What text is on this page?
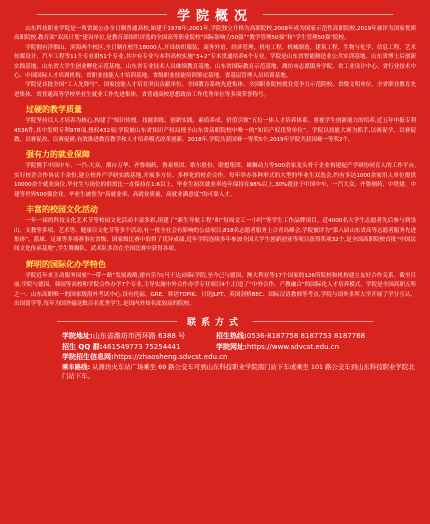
学院概况

山东科技职业学院是一所省属公办全日制普通高校,始建于1978年;2001年,学院独立升格为高职院校,2008年成为国家示范性高职院校,2019年被评为国家优质高职院校,教育部“双高计划”建设单位,是教育部组织评选的全国高等职业院校“国际影响力50强”“教学管理50强”和“学生管理50强”院校。

学院拥有浮烟山、滨海两个校区,全日制在校生18000人,开设纺织服装、商务外语、经济管理、机电工程、机械制造、建筑工程、生物与化学、信息工程、艺术传媒设计、汽车工程等11个专业群51个专业,其中有专业与本科高校实施“3+2”专本贯通培养6个专业。学院是山东省智能制造业公共实训基地、山东省博士后创新实践基地、山东省大学生创业孵化示范基地、山东省专业技术人员继续教育基地、山东省国际教育示范基地、潍坊市志愿服务学院、省工业设计中心、省行业技术中心、中国国际人才培训机构、省职业技能人才培训基地、省级职业技能培训鉴定基地、省基层管理人员培训基地。

学院是首批全国“工人先锋号”、国家技能人才培育突出贡献单位、全国教育系统先进集体、全国职业院校就业竞争力示范院校、省级文明单位、全省职业教育先进集体、省普通高等学校毕业生就业工作先进集体、省普通高校思想政治工作优秀单位等多项荣誉称号。

过硬的教学质量

学院坚持以人才培养为核心,构建了“知识传授、技能训练、创新实践、素质养成、价值引领”五位一体人才培养体系。重视学生创新能力的培养,近五年申报专利4536件,其中发明专利978项,授权432项;学院被山东省知识产权局授予山东省高职院校中唯一的“知识产权优势单位”。学院以技能大赛为抓手,以赛促学、以赛促教、以赛促改、以赛促研,有效推进教育教学和人才培养模式改革创新。2018年,学院共获国赛一等奖5个,2019年学院共获国赛一等奖2个。

强有力的就业保障

学院携手中国中车、一汽-大众、烟台万华、齐鲁制药、鲁泰集团、歌尔股份、联想集团、雄狮动力等500余家龙头骨干企业构建起产学研协同育人的工作平台,实行校企合作协议千余份,建立校外产学研实践基地,开展多方位、多样化的校企合作。每年举办各种形式的大型的毕业生双选会,约有多达1000余家用人单位提供10000余个就业岗位,毕业生与岗位的供需比一直保持在1:6以上。毕业生初次就业率连年保持在98%以上,30%就业于中国中车、一汽大众、齐鲁制药、中铁建、中建等世界500强企业。毕业生被誉为“高就业率、高就业质量、高就业满意度”的可靠人才。

丰富的校园文化活动

一年一届的科技文化艺术节等校园文化活动丰富多彩,组建了“新生导航工程”和“每周文工一小时”等学生工作品牌项目。近4000名大学生志愿者先后参与到垦山、支教等多项、艺术等、健康日文化节等多个活动,有一批全社会有影响的公益项目,818名志愿者服务上合青岛峰会,学院被评为“第八届山东省高等志愿者服务先进集体”。篮球、足球等多项赛事在省级、国家级比赛中取得了优异成绩,近年学院连续多年参加全国大学生创新创业等项目获得奖项32个,是全国高职院校首批“中国民间文化传承基地”,学生舞狮队、武术队多次在全国比赛中获得各项。

鲜明的国际化办学特色

学院近年来主动服务国家“一带一路”发展战略,建有乐尔(马干达)国际学院,至今已与德国、澳大利亚等17个国家的126所院校和机构建立友好合作关系。截至目前,学院与德国、韩国等高校和学院合作办学7个专业,主导实施中外合作办学专业项目4个,打造了“中外合作、产教融合”的国际化人才培养模式。学院是全国高职五所之一、山东高职唯一的国家级海外考试中心,设有托福、GRE、韩语TOPIK、日语JLPT、英国剑桥BEC、国际汉语教师等考点,学院与国外多所大学开展了学分互认、出国留学等,每年为国外输送数百名优秀学生,是国内外知名度较高的院校。

联系方式
学院地址: 山东省潍坊市西环路 6388 号	招生热线: 0536-8187758 8187753 8187768
招生 QQ 群: 461549773 75254441	学院网址: https://www.sdvcst.edu.cn
学院招生信息网: https://zhaosheng.sdvcst.edu.cn
乘车路线: 从潍坊火车站广场乘坐 69 路公交车可到山东科技职业学院南门站下车或乘坐 101 路公交车到山东科技职业学院北门站下车。
